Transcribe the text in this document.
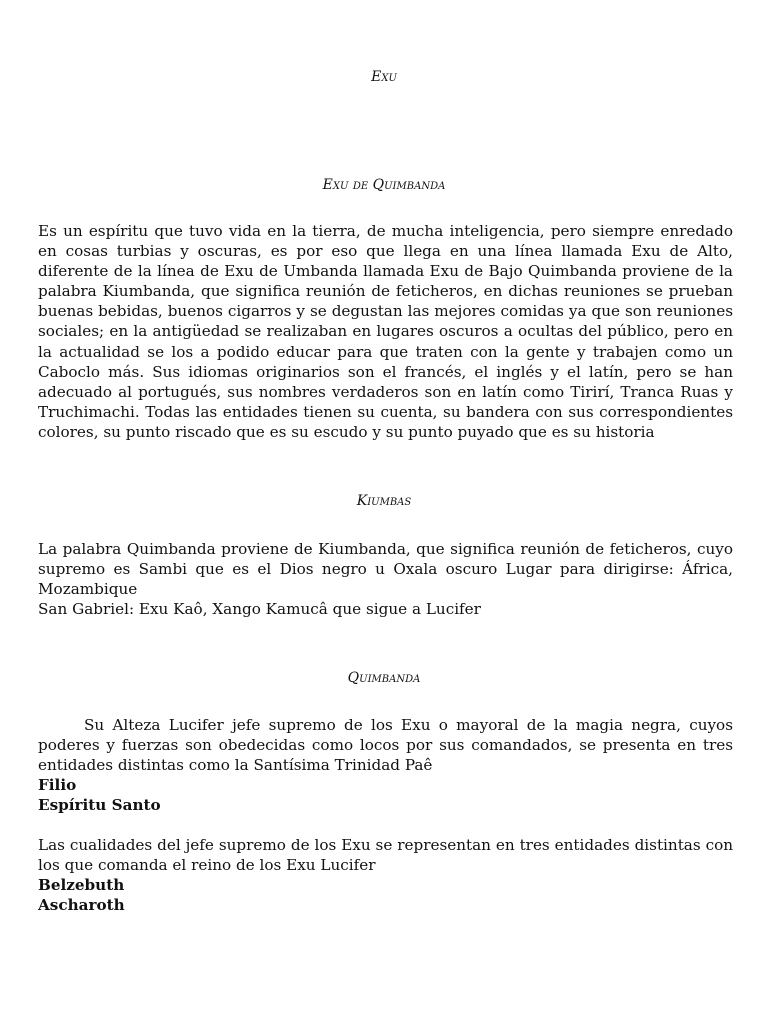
Exu
Exu de Quimbanda
Es un espíritu que tuvo vida en la tierra, de mucha inteligencia, pero siempre enredado en cosas turbias y oscuras, es por eso que llega en una línea llamada Exu de Alto, diferente de la línea de Exu de Umbanda llamada Exu de Bajo Quimbanda proviene de la palabra Kiumbanda, que significa reunión de feticheros, en dichas reuniones se prueban buenas bebidas, buenos cigarros y se degustan las mejores comidas ya que son reuniones sociales; en la antigüedad se realizaban en lugares oscuros a ocultas del público, pero en la actualidad se los a podido educar para que traten con la gente y trabajen como un Caboclo más. Sus idiomas originarios son el francés, el inglés y el latín, pero se han adecuado al portugués, sus nombres verdaderos son en latín como Tirirí, Tranca Ruas y Truchimachi. Todas las entidades tienen su cuenta, su bandera con sus correspondientes colores, su punto riscado que es su escudo y su punto puyado que es su historia
Kiumbas
La palabra Quimbanda proviene de Kiumbanda, que significa reunión de feticheros, cuyo supremo es Sambi que es el Dios negro u Oxala oscuro Lugar para dirigirse: África, Mozambique
San Gabriel: Exu Kaô, Xango Kamucâ que sigue a Lucifer
Quimbanda
Su Alteza Lucifer jefe supremo de los Exu o mayoral de la magia negra, cuyos poderes y fuerzas son obedecidas como locos por sus comandados, se presenta en tres entidades distintas como la Santísima Trinidad Paê
Filio
Espíritu Santo
Las cualidades del jefe supremo de los Exu se representan en tres entidades distintas con los que comanda el reino de los Exu Lucifer
Belzebuth
Ascharoth
